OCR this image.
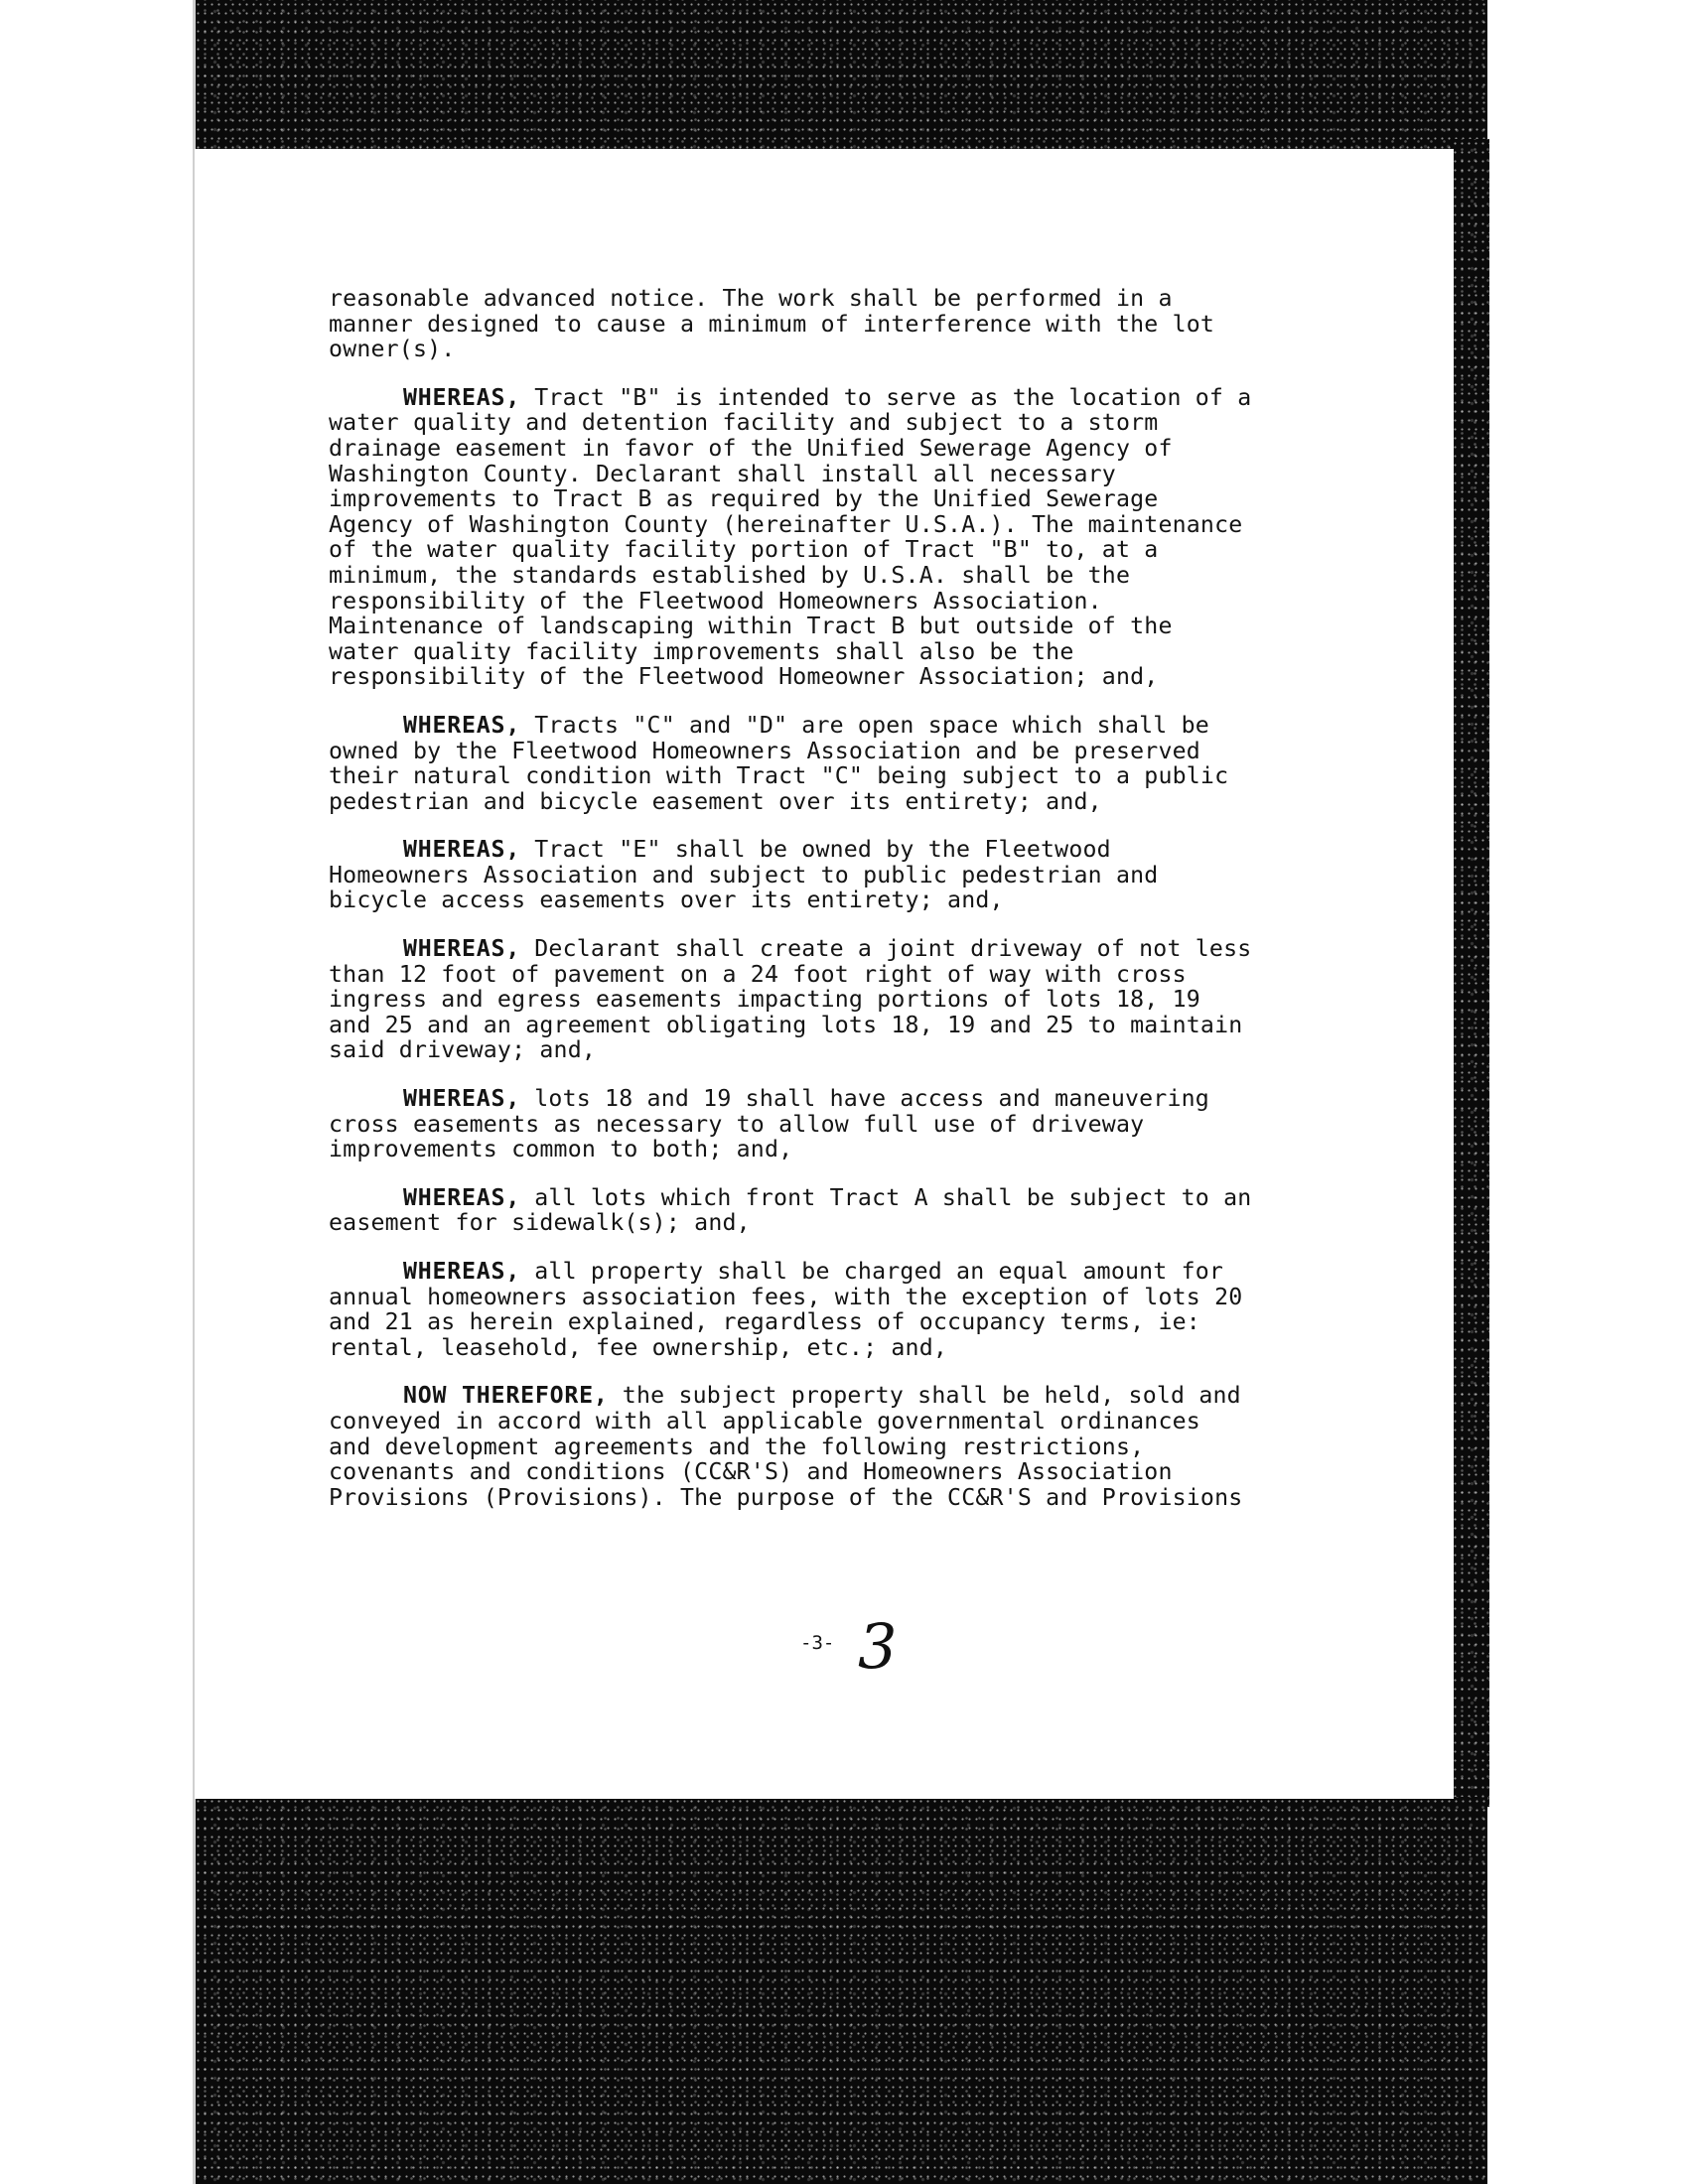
reasonable advanced notice. The work shall be performed in a
manner designed to cause a minimum of interference with the lot
owner(s).

WHEREAS, Tract "B" is intended to serve as the location of a
water quality and detention facility and subject to a storm
drainage easement in favor of the Unified Sewerage Agency of
Washington County. Declarant shall install all necessary
improvements to Tract B as required by the Unified Sewerage
Agency of Washington County (hereinafter U.S.A.). The maintenance
of the water quality facility portion of Tract "B" to, at a
minimum, the standards established by U.S.A. shall be the
responsibility of the Fleetwood Homeowners Association.
Maintenance of landscaping within Tract B but outside of the
water quality facility improvements shall also be the
responsibility of the Fleetwood Homeowner Association; and,

WHEREAS, Tracts "C" and "D" are open space which shall be
owned by the Fleetwood Homeowners Association and be preserved
their natural condition with Tract "C" being subject to a public
pedestrian and bicycle easement over its entirety; and,

WHEREAS, Tract "E" shall be owned by the Fleetwood
Homeowners Association and subject to public pedestrian and
bicycle access easements over its entirety; and,

WHEREAS, Declarant shall create a joint driveway of not less
than 12 foot of pavement on a 24 foot right of way with cross
ingress and egress easements impacting portions of lots 18, 19
and 25 and an agreement obligating lots 18, 19 and 25 to maintain
said driveway; and,

WHEREAS, lots 18 and 19 shall have access and maneuvering
cross easements as necessary to allow full use of driveway
improvements common to both; and,

WHEREAS, all lots which front Tract A shall be subject to an
easement for sidewalk(s); and,

WHEREAS, all property shall be charged an equal amount for
annual homeowners association fees, with the exception of lots 20
and 21 as herein explained, regardless of occupancy terms, ie:
rental, leasehold, fee ownership, etc.; and,

NOW THEREFORE, the subject property shall be held, sold and
conveyed in accord with all applicable governmental ordinances
and development agreements and the following restrictions,
covenants and conditions (CC&R'S) and Homeowners Association
Provisions (Provisions). The purpose of the CC&R'S and Provisions

-3- 3
